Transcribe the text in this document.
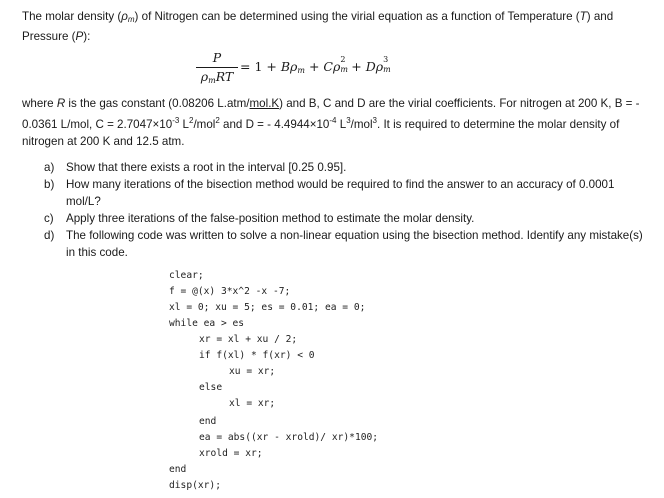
The molar density $(\rho_m)$ of Nitrogen can be determined using the virial equation as a function of Temperature (T) and Pressure (P):
P
$\rho_mRT$
= $1 + B\rho_m + C\rho$ 2
m + Dρ 3
m
where R is the gas constant (0.08206 L.atm/mol.K) and B, C and D are the virial coefficients. For nitrogen at 200 K, B = - 0.0361 L/mol, $C = 2.7047\times 10^{-3}$ $L^2/mol^2$ and D = - $4.4944\times 10^{-4}$ $L^3/mol^3$. It is required to determine the molar density of nitrogen at 200 K and 12.5 atm.
a) Show that there exists a root in the interval [0.25 0.95].
b) How many iterations of the bisection method would be required to find the answer to an accuracy of 0.0001 mol/L?
c) Apply three iterations of the false-position method to estimate the molar density.
d) The following code was written to solve a non-linear equation using the bisection method. Identify any mistake(s) in this code.
clear;
f = @(x) 3*x^2 -x -7;
xl = 0; xu = 5; es = 0.01; ea = 0;
while ea > es
xr = xl + xu / 2;
if f(xl) * f(xr) < 0
xu = xr;
else
xl = xr;
end
ea = abs((xr - xrold)/ xr)*100;
xrold = xr;
end
disp(xr);
